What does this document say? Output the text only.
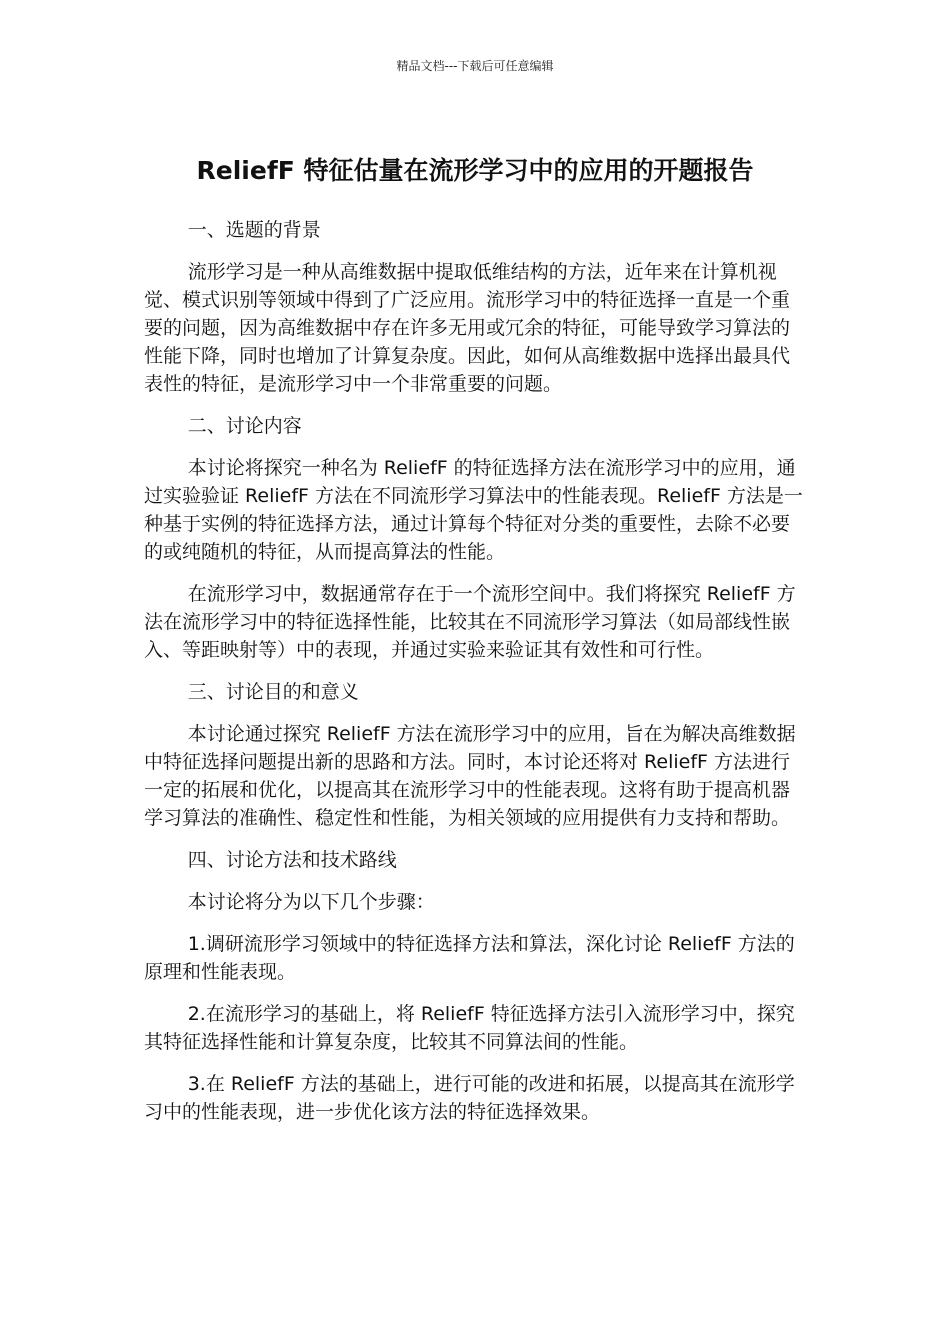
精品文档---下载后可任意编辑
ReliefF 特征估量在流形学习中的应用的开题报告

一、选题的背景

流形学习是一种从高维数据中提取低维结构的方法，近年来在计算机视觉、模式识别等领域中得到了广泛应用。流形学习中的特征选择一直是一个重要的问题，因为高维数据中存在许多无用或冗余的特征，可能导致学习算法的性能下降，同时也增加了计算复杂度。因此，如何从高维数据中选择出最具代表性的特征，是流形学习中一个非常重要的问题。

二、讨论内容

本讨论将探究一种名为 ReliefF 的特征选择方法在流形学习中的应用，通过实验验证 ReliefF 方法在不同流形学习算法中的性能表现。ReliefF 方法是一种基于实例的特征选择方法，通过计算每个特征对分类的重要性，去除不必要的或纯随机的特征，从而提高算法的性能。

在流形学习中，数据通常存在于一个流形空间中。我们将探究 ReliefF 方法在流形学习中的特征选择性能，比较其在不同流形学习算法（如局部线性嵌入、等距映射等）中的表现，并通过实验来验证其有效性和可行性。

三、讨论目的和意义

本讨论通过探究 ReliefF 方法在流形学习中的应用，旨在为解决高维数据中特征选择问题提出新的思路和方法。同时，本讨论还将对 ReliefF 方法进行一定的拓展和优化，以提高其在流形学习中的性能表现。这将有助于提高机器学习算法的准确性、稳定性和性能，为相关领域的应用提供有力支持和帮助。

四、讨论方法和技术路线

本讨论将分为以下几个步骤：

1.调研流形学习领域中的特征选择方法和算法，深化讨论 ReliefF 方法的原理和性能表现。

2.在流形学习的基础上，将 ReliefF 特征选择方法引入流形学习中，探究其特征选择性能和计算复杂度，比较其不同算法间的性能。

3.在 ReliefF 方法的基础上，进行可能的改进和拓展，以提高其在流形学习中的性能表现，进一步优化该方法的特征选择效果。
